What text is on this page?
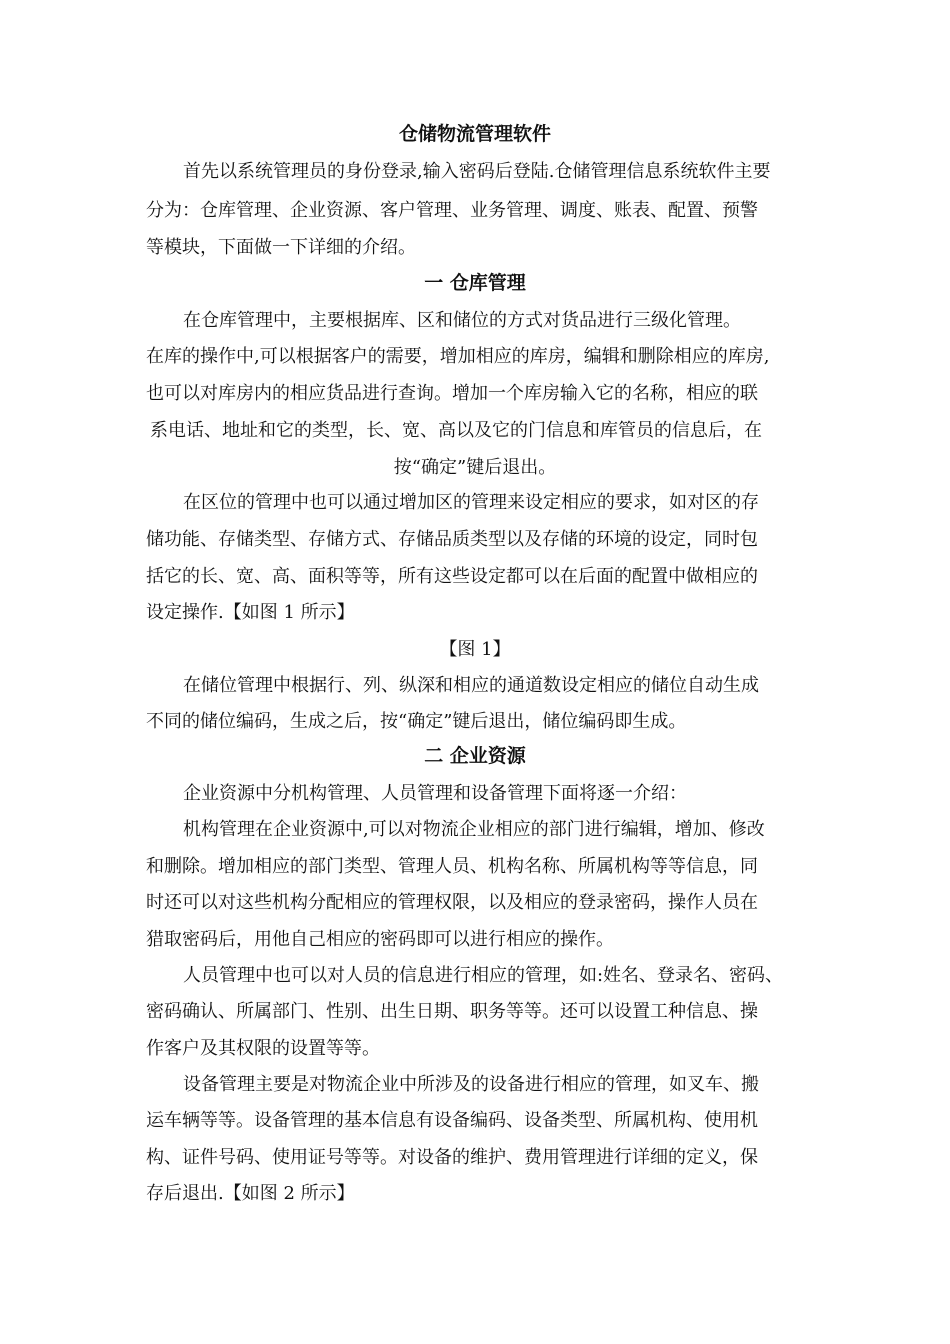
仓储物流管理软件
首先以系统管理员的身份登录,输入密码后登陆.仓储管理信息系统软件主要
分为：仓库管理、企业资源、客户管理、业务管理、调度、账表、配置、预警
等模块，下面做一下详细的介绍。
一 仓库管理
在仓库管理中，主要根据库、区和储位的方式对货品进行三级化管理。
在库的操作中,可以根据客户的需要，增加相应的库房，编辑和删除相应的库房,
也可以对库房内的相应货品进行查询。增加一个库房输入它的名称，相应的联
系电话、地址和它的类型，长、宽、高以及它的门信息和库管员的信息后，在
按“确定”键后退出。
在区位的管理中也可以通过增加区的管理来设定相应的要求，如对区的存
储功能、存储类型、存储方式、存储品质类型以及存储的环境的设定，同时包
括它的长、宽、高、面积等等，所有这些设定都可以在后面的配置中做相应的
设定操作.【如图 1 所示】
【图 1】
在储位管理中根据行、列、纵深和相应的通道数设定相应的储位自动生成
不同的储位编码，生成之后，按“确定”键后退出，储位编码即生成。
二 企业资源
企业资源中分机构管理、人员管理和设备管理下面将逐一介绍：
机构管理在企业资源中,可以对物流企业相应的部门进行编辑，增加、修改
和删除。增加相应的部门类型、管理人员、机构名称、所属机构等等信息，同
时还可以对这些机构分配相应的管理权限，以及相应的登录密码，操作人员在
猎取密码后，用他自己相应的密码即可以进行相应的操作。
人员管理中也可以对人员的信息进行相应的管理，如:姓名、登录名、密码、
密码确认、所属部门、性别、出生日期、职务等等。还可以设置工种信息、操
作客户及其权限的设置等等。
设备管理主要是对物流企业中所涉及的设备进行相应的管理，如叉车、搬
运车辆等等。设备管理的基本信息有设备编码、设备类型、所属机构、使用机
构、证件号码、使用证号等等。对设备的维护、费用管理进行详细的定义，保
存后退出.【如图 2 所示】
